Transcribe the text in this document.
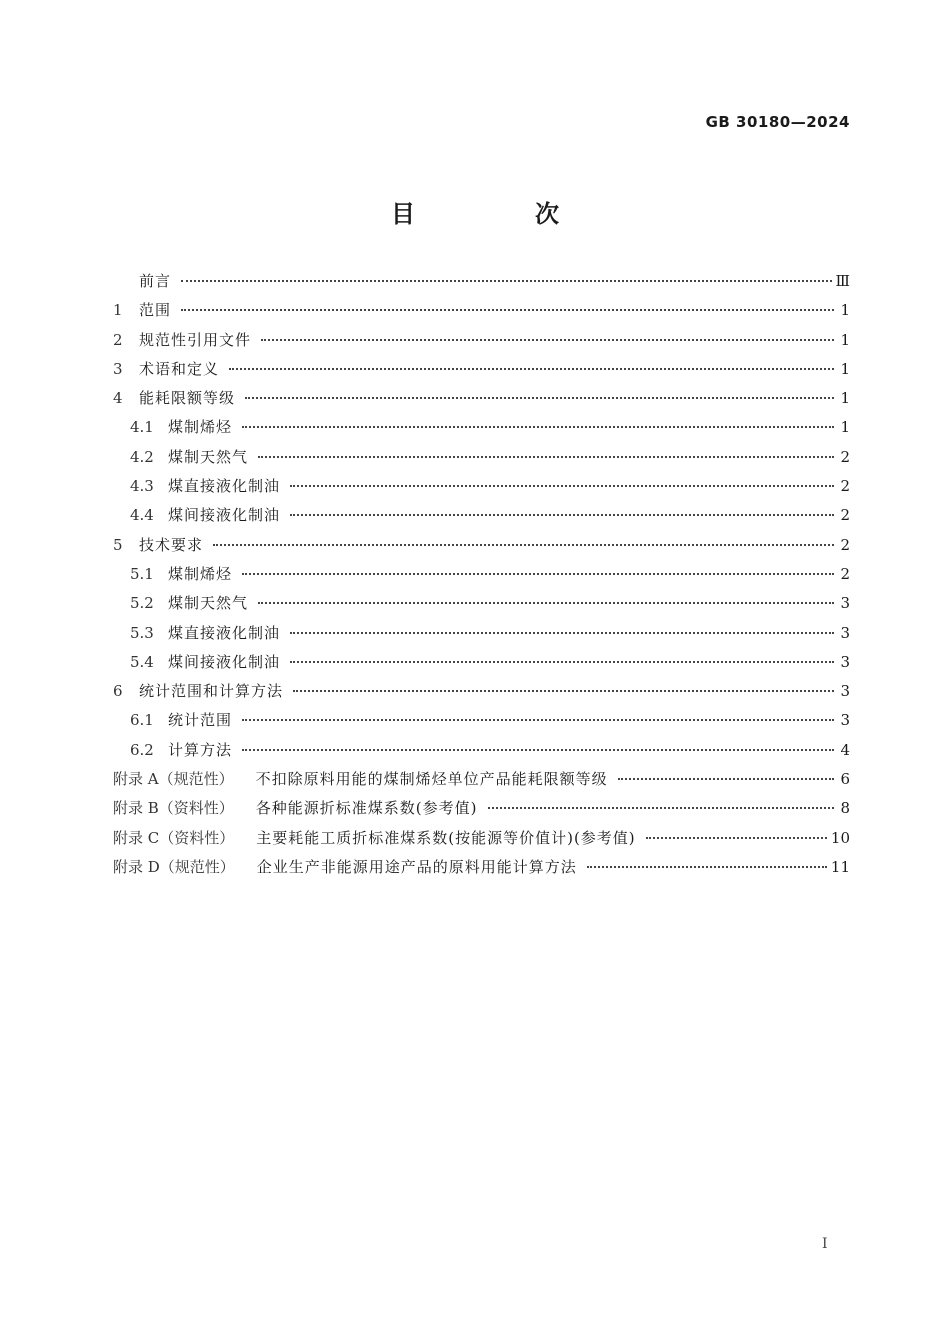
GB 30180—2024
目　次
前言	Ⅲ
1	范围	1
2	规范性引用文件	1
3	术语和定义	1
4	能耗限额等级	1
4.1 煤制烯烃	1
4.2 煤制天然气	2
4.3 煤直接液化制油	2
4.4 煤间接液化制油	2
5	技术要求	2
5.1 煤制烯烃	2
5.2 煤制天然气	3
5.3 煤直接液化制油	3
5.4 煤间接液化制油	3
6	统计范围和计算方法	3
6.1 统计范围	3
6.2 计算方法	4
附录 A（规范性）	不扣除原料用能的煤制烯烃单位产品能耗限额等级	6
附录 B（资料性）	各种能源折标准煤系数(参考值)	8
附录 C（资料性）	主要耗能工质折标准煤系数(按能源等价值计)(参考值)	10
附录 D（规范性）	企业生产非能源用途产品的原料用能计算方法	11
Ⅰ
